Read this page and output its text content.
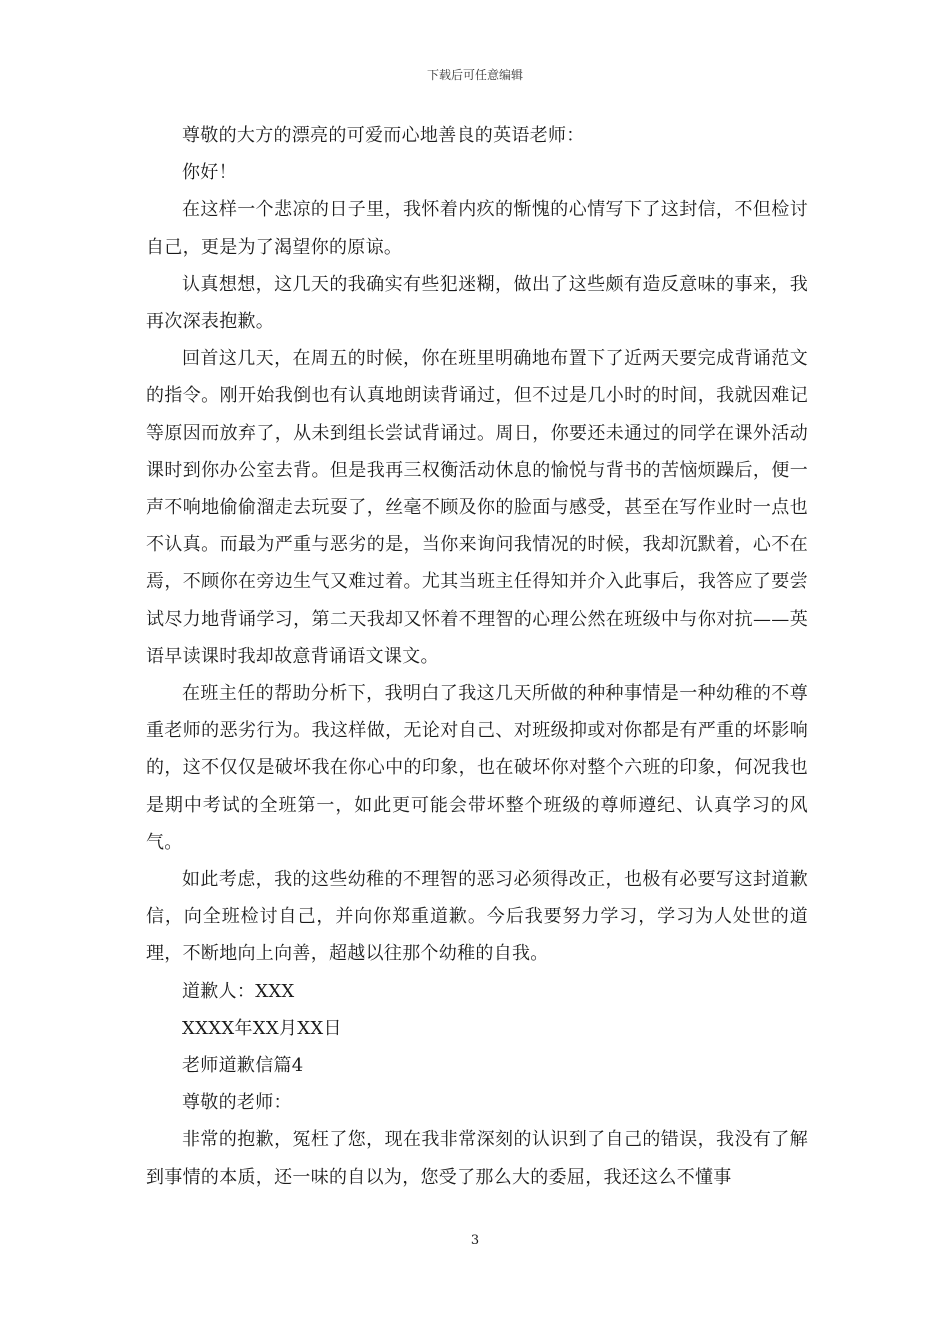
下载后可任意编辑

尊敬的大方的漂亮的可爱而心地善良的英语老师：

你好！

在这样一个悲凉的日子里，我怀着内疚的惭愧的心情写下了这封信，不但检讨自己，更是为了渴望你的原谅。

认真想想，这几天的我确实有些犯迷糊，做出了这些颇有造反意味的事来，我再次深表抱歉。

回首这几天，在周五的时候，你在班里明确地布置下了近两天要完成背诵范文的指令。刚开始我倒也有认真地朗读背诵过，但不过是几小时的时间，我就因难记等原因而放弃了，从未到组长尝试背诵过。周日，你要还未通过的同学在课外活动课时到你办公室去背。但是我再三权衡活动休息的愉悦与背书的苦恼烦躁后，便一声不响地偷偷溜走去玩耍了，丝毫不顾及你的脸面与感受，甚至在写作业时一点也不认真。而最为严重与恶劣的是，当你来询问我情况的时候，我却沉默着，心不在焉，不顾你在旁边生气又难过着。尤其当班主任得知并介入此事后，我答应了要尝试尽力地背诵学习，第二天我却又怀着不理智的心理公然在班级中与你对抗——英语早读课时我却故意背诵语文课文。

在班主任的帮助分析下，我明白了我这几天所做的种种事情是一种幼稚的不尊重老师的恶劣行为。我这样做，无论对自己、对班级抑或对你都是有严重的坏影响的，这不仅仅是破坏我在你心中的印象，也在破坏你对整个六班的印象，何况我也是期中考试的全班第一，如此更可能会带坏整个班级的尊师遵纪、认真学习的风气。

如此考虑，我的这些幼稚的不理智的恶习必须得改正，也极有必要写这封道歉信，向全班检讨自己，并向你郑重道歉。今后我要努力学习，学习为人处世的道理，不断地向上向善，超越以往那个幼稚的自我。

道歉人：XXX

XXXX年XX月XX日

老师道歉信篇4

尊敬的老师：

非常的抱歉，冤枉了您，现在我非常深刻的认识到了自己的错误，我没有了解到事情的本质，还一味的自以为，您受了那么大的委屈，我还这么不懂事

3
